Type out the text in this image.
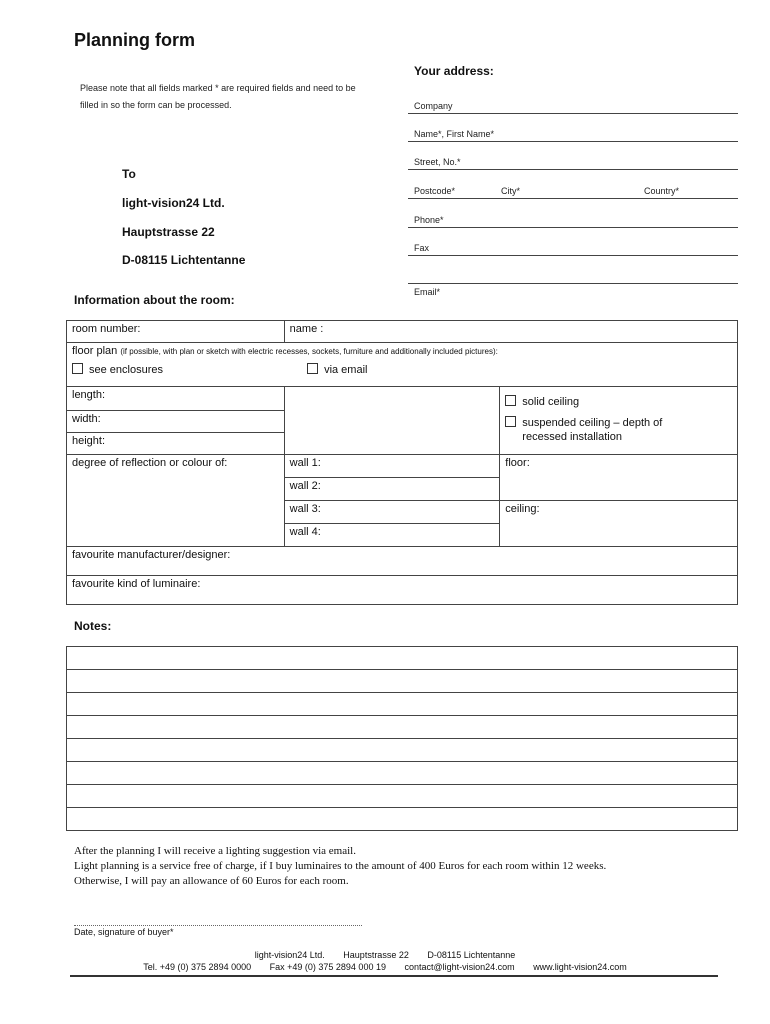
Planning form
Please note that all fields marked * are required fields and need to be
filled in so the form can be processed.
Your address:
Company
Name*, First Name*
Street, No.*
Postcode*	City*	Country*
Phone*
Fax
Email*
To
light-vision24 Ltd.
Hauptstrasse 22
D-08115 Lichtentanne
Information about the room:
room number:	name :	

floor plan (if possible, with plan or sketch with electric recesses, sockets, furniture and additionally included pictures):
see enclosures via email		

length:		solid ceiling
suspended ceiling – depth of
recessed installation

width:		
height:		
degree of reflection or colour of:	wall 1:	floor:
	wall 2:	
	wall 3:	ceiling:
	wall 4:	
favourite manufacturer/designer:		
favourite kind of luminaire:		
Notes:

After the planning I will receive a lighting suggestion via email.
Light planning is a service free of charge, if I buy luminaires to the amount of 400 Euros for each room within 12 weeks.
Otherwise, I will pay an allowance of 60 Euros for each room.
Date, signature of buyer*
light-vision24 Ltd. Hauptstrasse 22 D-08115 Lichtentanne
Tel. +49 (0) 375 2894 0000 Fax +49 (0) 375 2894 000 19 contact@light-vision24.com www.light-vision24.com
